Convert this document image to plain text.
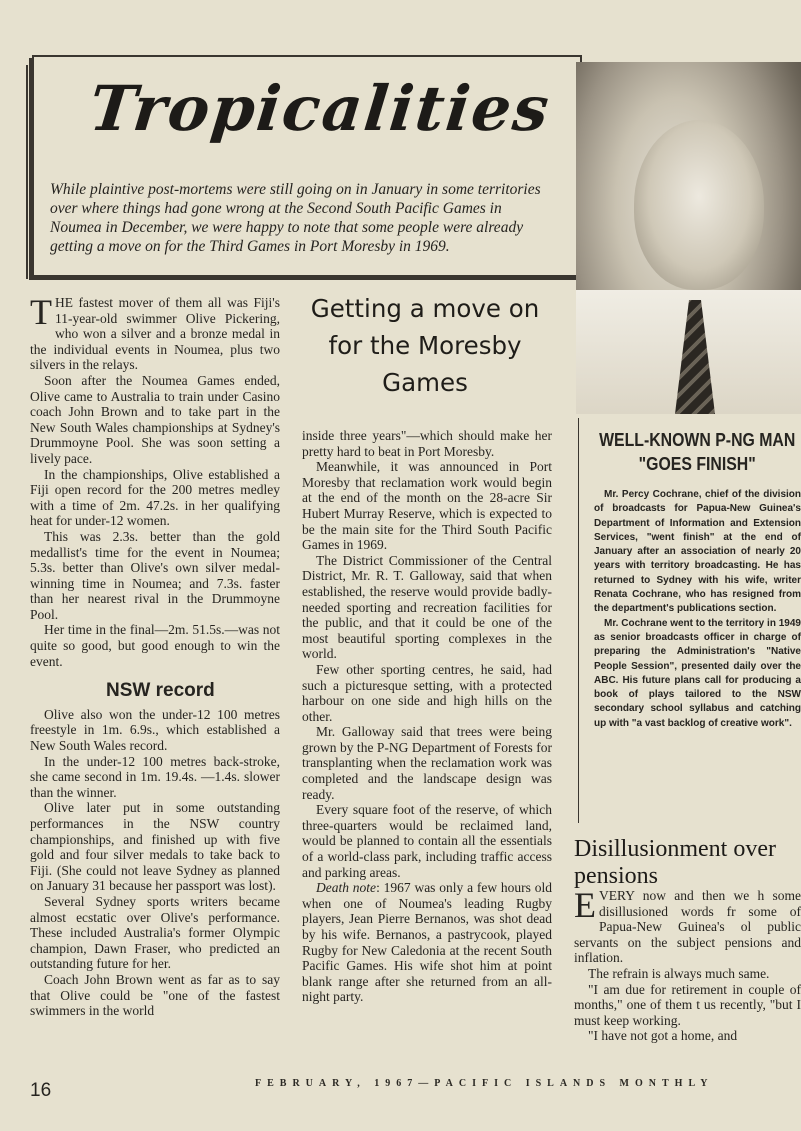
Tropicalities
While plaintive post-mortems were still going on in January in some territories over where things had gone wrong at the Second South Pacific Games in Noumea in December, we were happy to note that some people were already getting a move on for the Third Games in Port Moresby in 1969.

THE fastest mover of them all was Fiji's 11-year-old swimmer Olive Pickering, who won a silver and a bronze medal in the individual events in Noumea, plus two silvers in the relays.

Soon after the Noumea Games ended, Olive came to Australia to train under Casino coach John Brown and to take part in the New South Wales championships at Sydney's Drummoyne Pool. She was soon setting a lively pace.

In the championships, Olive established a Fiji open record for the 200 metres medley with a time of 2m. 47.2s. in her qualifying heat for under-12 women.

This was 2.3s. better than the gold medallist's time for the event in Noumea; 5.3s. better than Olive's own silver medal-winning time in Noumea; and 7.3s. faster than her nearest rival in the Drummoyne Pool.

Her time in the final—2m. 51.5s.—was not quite so good, but good enough to win the event.

NSW record

Olive also won the under-12 100 metres freestyle in 1m. 6.9s., which established a New South Wales record.

In the under-12 100 metres back-stroke, she came second in 1m. 19.4s. —1.4s. slower than the winner.

Olive later put in some outstanding performances in the NSW country championships, and finished up with five gold and four silver medals to take back to Fiji. (She could not leave Sydney as planned on January 31 because her passport was lost).

Several Sydney sports writers became almost ecstatic over Olive's performance. These included Australia's former Olympic champion, Dawn Fraser, who predicted an outstanding future for her.

Coach John Brown went as far as to say that Olive could be "one of the fastest swimmers in the world

Getting a move on for the Moresby Games

inside three years"—which should make her pretty hard to beat in Port Moresby.

Meanwhile, it was announced in Port Moresby that reclamation work would begin at the end of the month on the 28-acre Sir Hubert Murray Reserve, which is expected to be the main site for the Third South Pacific Games in 1969.

The District Commissioner of the Central District, Mr. R. T. Galloway, said that when established, the reserve would provide badly-needed sporting and recreation facilities for the public, and that it could be one of the most beautiful sporting complexes in the world.

Few other sporting centres, he said, had such a picturesque setting, with a protected harbour on one side and high hills on the other.

Mr. Galloway said that trees were being grown by the P-NG Department of Forests for transplanting when the reclamation work was completed and the landscape design was ready.

Every square foot of the reserve, of which three-quarters would be reclaimed land, would be planned to contain all the essentials of a world-class park, including traffic access and parking areas.

Death note: 1967 was only a few hours old when one of Noumea's leading Rugby players, Jean Pierre Bernanos, was shot dead by his wife. Bernanos, a pastrycook, played Rugby for New Caledonia at the recent South Pacific Games. His wife shot him at point blank range after she returned from an all-night party.

WELL-KNOWN P-NG MAN "GOES FINISH"

Mr. Percy Cochrane, chief of the division of broadcasts for Papua-New Guinea's Department of Information and Extension Services, "went finish" at the end of January after an association of nearly 20 years with territory broadcasting. He has returned to Sydney with his wife, writer Renata Cochrane, who has resigned from the department's publications section.

Mr. Cochrane went to the territory in 1949 as senior broadcasts officer in charge of preparing the Administration's "Native People Session", presented daily over the ABC. His future plans call for producing a book of plays tailored to the NSW secondary school syllabus and catching up with "a vast backlog of creative work".

Disillusionment over pensions

EVERY now and then we h some disillusioned words fr some of Papua-New Guinea's ol public servants on the subject pensions and inflation.

The refrain is always much same.

"I am due for retirement in couple of months," one of them t us recently, "but I must keep working.

"I have not got a home, and

16	FEBRUARY, 1967—PACIFIC ISLANDS MONTHLY
